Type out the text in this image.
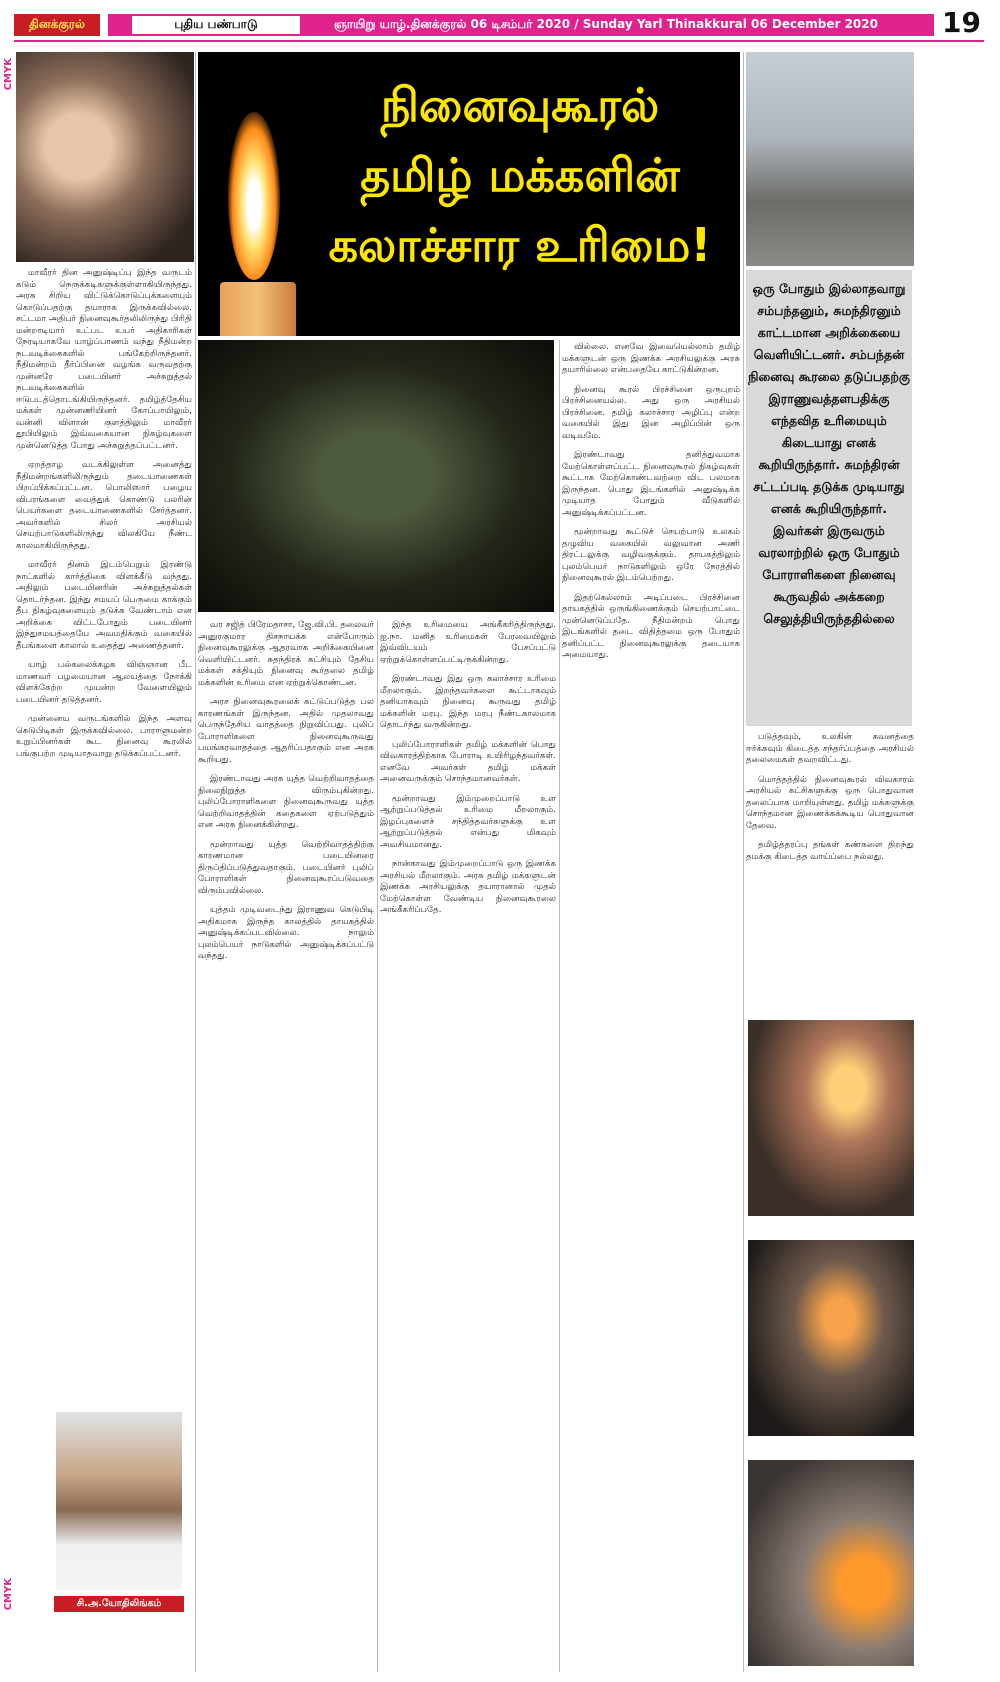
தினக்குரல்	புதிய பண்பாடு	ஞாயிறு யாழ்.தினக்குரல் 06 டிசம்பர் 2020 / Sunday Yarl Thinakkural 06 December 2020 19
CMYK
CMYK
நினைவுகூரல்
தமிழ் மக்களின்
கலாச்சார உரிமை!
ஒரு போதும் இல்லாதவாறு சம்பந்தனும், சுமந்திரனும் காட்டமான அறிக்கையை வெளியிட்டனர். சம்பந்தன் நினைவு கூரலை தடுப்பதற்கு இராணுவத்தளபதிக்கு எந்தவித உரிமையும் கிடையாது எனக் கூறியிருந்தார். சுமந்திரன் சட்டப்படி தடுக்க முடியாது எனக் கூறியிருந்தார். இவர்கள் இருவரும் வரலாற்றில் ஒரு போதும் போராளிகளை நினைவு கூருவதில் அக்கறை செலுத்தியிருந்ததில்லை

மாவீரர் தின அனுஷ்டிப்பு இந்த வருடம் கடும் நெருக்கடிகளுக்குள்ளாகியிருந்தது. அரசு சிறிய விட்டுக்கொடுப்புக்களையும் கொடுப்பதற்கு தயாராக இருக்கவில்லை. சட்டமா அதிபர் நினைவுகூர்தலிலிருந்து பிரிதி மன்றாடியார் உட்பட உயர் அதிகாரிகள் நேரடியாகவே யாழ்ப்பாணம் வந்து நீதிமன்ற நடவடிக்கைகளில் பங்கேற்றிருந்தனர். நீதிமன்றம் தீர்ப்பினை வழங்க வருவதற்கு முன்னரே படையினர் அச்சுறுத்தல் நடவடிக்கைகளில் ஈடுபடத்தொடங்கியிருந்தனர். தமிழ்த்தேசிய மக்கள் முன்னணியினர் கோப்பாயிலும், வன்னி விளான் குளத்திலும் மாவீரர் தூபியிலும் இவ்வகையான நிகழ்வுகளை முன்னெடுத்த போது அச்சுறுத்தப்பட்டனர்.

ஏறத்தாழ வடக்கிலுள்ள அனைத்து நீதிமன்றங்களிலிருந்தும் தடையாணைகள் பிறப்பிக்கப்பட்டன. பொலிஸார் பழைய விபரங்களை வைத்துக் கொண்டு பலரின் பெயர்களை தடையாணைகளில் சேர்த்தனர். அவர்களில் சிலர் அரசியல் செயற்பாடுகளிலிருந்து விலகியே நீண்ட காலமாகியிருந்தது.

மாவீரர் தினம் இடம்பெறும் இரண்டு நாட்களில் கார்த்திகை விளக்கீடு வந்தது. அதிலும் படையினரின் அச்சுறுத்தல்கள் தொடர்ந்தன. இந்து சமயப் பெருமை காக்கும் தீப நிகழ்வுகளையும் தடுக்க வேண்டாம் என அறிக்கை விட்டபோதும் படையினர் இந்துசமயத்தையே அவமதிக்கும் வகையில் தீபங்களை காலால் உதைத்து அணைத்தனர்.

யாழ் பல்கலைக்கழக விஞ்ஞான பீட மாணவர் பழமையான ஆலயத்தை நோக்கி விளக்கேற்ற முயன்ற வேளையிலும் படையினர் தடுத்தனர்.

முன்னைய வருடங்களில் இந்த அளவு கெடுபிடிகள் இருக்கவில்லை. பாராளுமன்ற உறுப்பினர்கள் கூட நினைவு கூரலில் பங்குபற்ற முடியாதவாறு தடுக்கப்பட்டனர்.

சி.அ.யோதிலிங்கம்

வர சஜித் பிரேமதாசா, ஜே.வி.பி. தலைவர் அனுரகுமார திசநாயக்க என்போரும் நினைவுகூரலுக்கு ஆதரவாக அறிக்கையினை வெளியிட்டனர். சுதந்திரக் கட்சியும் தேசிய மக்கள் சக்தியும் நினைவு கூர்தலை தமிழ் மக்களின் உரிமை என ஏற்றுக்கொண்டன.

அரச நினைவுகூரலைக் கட்டுப்படுத்த பல காரணங்கள் இருந்தன. அதில் முதலாவது பெருந்தேசிய வாதத்தை நிறுவிப்பது. புலிப் போராளிகளை நினைவுகூருவது பயங்கரவாதத்தை ஆதரிப்பதாகும் என அரசு கூறியது.

இரண்டாவது அரசு யுத்த வெற்றிவாதத்தை நிலைநிறுத்த விரும்புகின்றது. புலிப்போராளிகளை நினைவுகூருவது யுத்த வெற்றிவாதத்தின் கதைகளை ஏற்படுத்தும் என அரசு நினைக்கின்றது.

மூன்றாவது யுத்த வெற்றிவாதத்திற்கு காரணமான படையினரை திருப்திப்படுத்துவதாகும். படையினர் புலிப் போராளிகள் நினைவுகூரப்படுவதை விரும்பவில்லை.

யுத்தம் முடிவடைந்து இராணுவ கெடுபிடி அதிகமாக இருந்த காலத்தில் தாயகத்தில் அனுஷ்டிக்கப்படவில்லை. நாலும் புலம்பெயர் நாடுகளில் அனுஷ்டிக்கப்பட்டு வந்தது.

இந்த உரிமையை அங்கீகரித்திருந்தது. ஐ.நா. மனித உரிமைகள் பேரவையிலும் இவ்விடயம் பேசப்பட்டு ஏற்றுக்கொள்ளப்பட்டிருக்கின்றது.

இரண்டாவது இது ஒரு கலாச்சார உரிமை மீறலாகும். இறந்தவர்களை கூட்டாகவும் தனியாகவும் நினைவு கூருவது தமிழ் மக்களின் மரபு. இந்த மரபு நீண்டகாலமாக தொடர்ந்து வருகின்றது.

புலிப்போராளிகள் தமிழ் மக்களின் பொது விவகாரத்திற்காக போராடி உயிரிழந்தவர்கள். எனவே அவர்கள் தமிழ் மக்கள் அனைவருக்கும் சொந்தமானவர்கள்.

மூன்றாவது இம்முறைப்பாடு உள ஆற்றுப்படுத்தல் உரிமை மீறலாகும். இழப்புகளைச் சந்தித்தவர்களுக்கு உள ஆற்றுப்படுத்தல் என்பது மிகவும் அவசியமானது.

நான்காவது இம்முறைப்பாடு ஒரு இணக்க அரசியல் மீறலாகும். அரசு தமிழ் மக்களுடன் இணக்க அரசியலுக்கு தயாரானால் முதல் மேற்கொள்ள வேண்டிய நினைவுகூரலை அங்கீகரிப்பதே.

வில்லை. எனவே இவையெல்லாம் தமிழ் மக்களுடன் ஒரு இணக்க அரசியலுக்கு அரசு தயாரில்லை என்பதையே காட்டுகின்றன.

நினைவு கூரல் பிரச்சினை ஒருபுறம் பிரச்சினையல்ல. அது ஒரு அரசியல் பிரச்சினை. தமிழ் கலாச்சார அழிப்பு என்ற வகையில் இது இன அழிப்பின் ஒரு வடிவமே.

இரண்டாவது தனித்துவமாக மேற்கொள்ளப்பட்ட நினைவுகூரல் நிகழ்வுகள் கூட்டாக மேற்கொண்டவற்றை விட பலமாக இருந்தன. பொது இடங்களில் அனுஷ்டிக்க முடியாத போதும் வீடுகளில் அனுஷ்டிக்கப்பட்டன.

மூன்றாவது கூட்டுச் செயற்பாடு உலகம் தழுவிய வகையில் வலுவான அணி திரட்டலுக்கு வழிவகுக்கும். தாயகத்திலும் புலம்பெயர் நாடுகளிலும் ஒரே நேரத்தில் நினைவுகூரல் இடம்பெற்றது.

இதற்கெல்லாம் அடிப்படை பிரச்சினை தாயகத்தில் ஒருங்கிணைக்கும் செயற்பாட்டை முன்னெடுப்பதே. நீதிமன்றம் பொது இடங்களில் தடை விதித்தமை ஒரு போதும் தனிப்பட்ட நினைவுகூரலுக்கு தடையாக அமையாது.

படுத்தவும், உலகின் கவனத்தை ஈர்க்கவும் கிடைத்த சந்தர்ப்பத்தை அரசியல் தலைமைகள் தவறவிட்டது.

மொத்தத்தில் நினைவுகூரல் விவகாரம் அரசியல் கட்சிகளுக்கு ஒரு பொதுவான தலைப்பாக மாறியுள்ளது. தமிழ் மக்களுக்கு சொந்தமான இணைக்கக்கூடிய பொதுவான தேவை.

தமிழ்த்தரப்பு தங்கள் கண்களை திறந்து தமக்கு கிடைத்த வாய்ப்பை நல்லது.
